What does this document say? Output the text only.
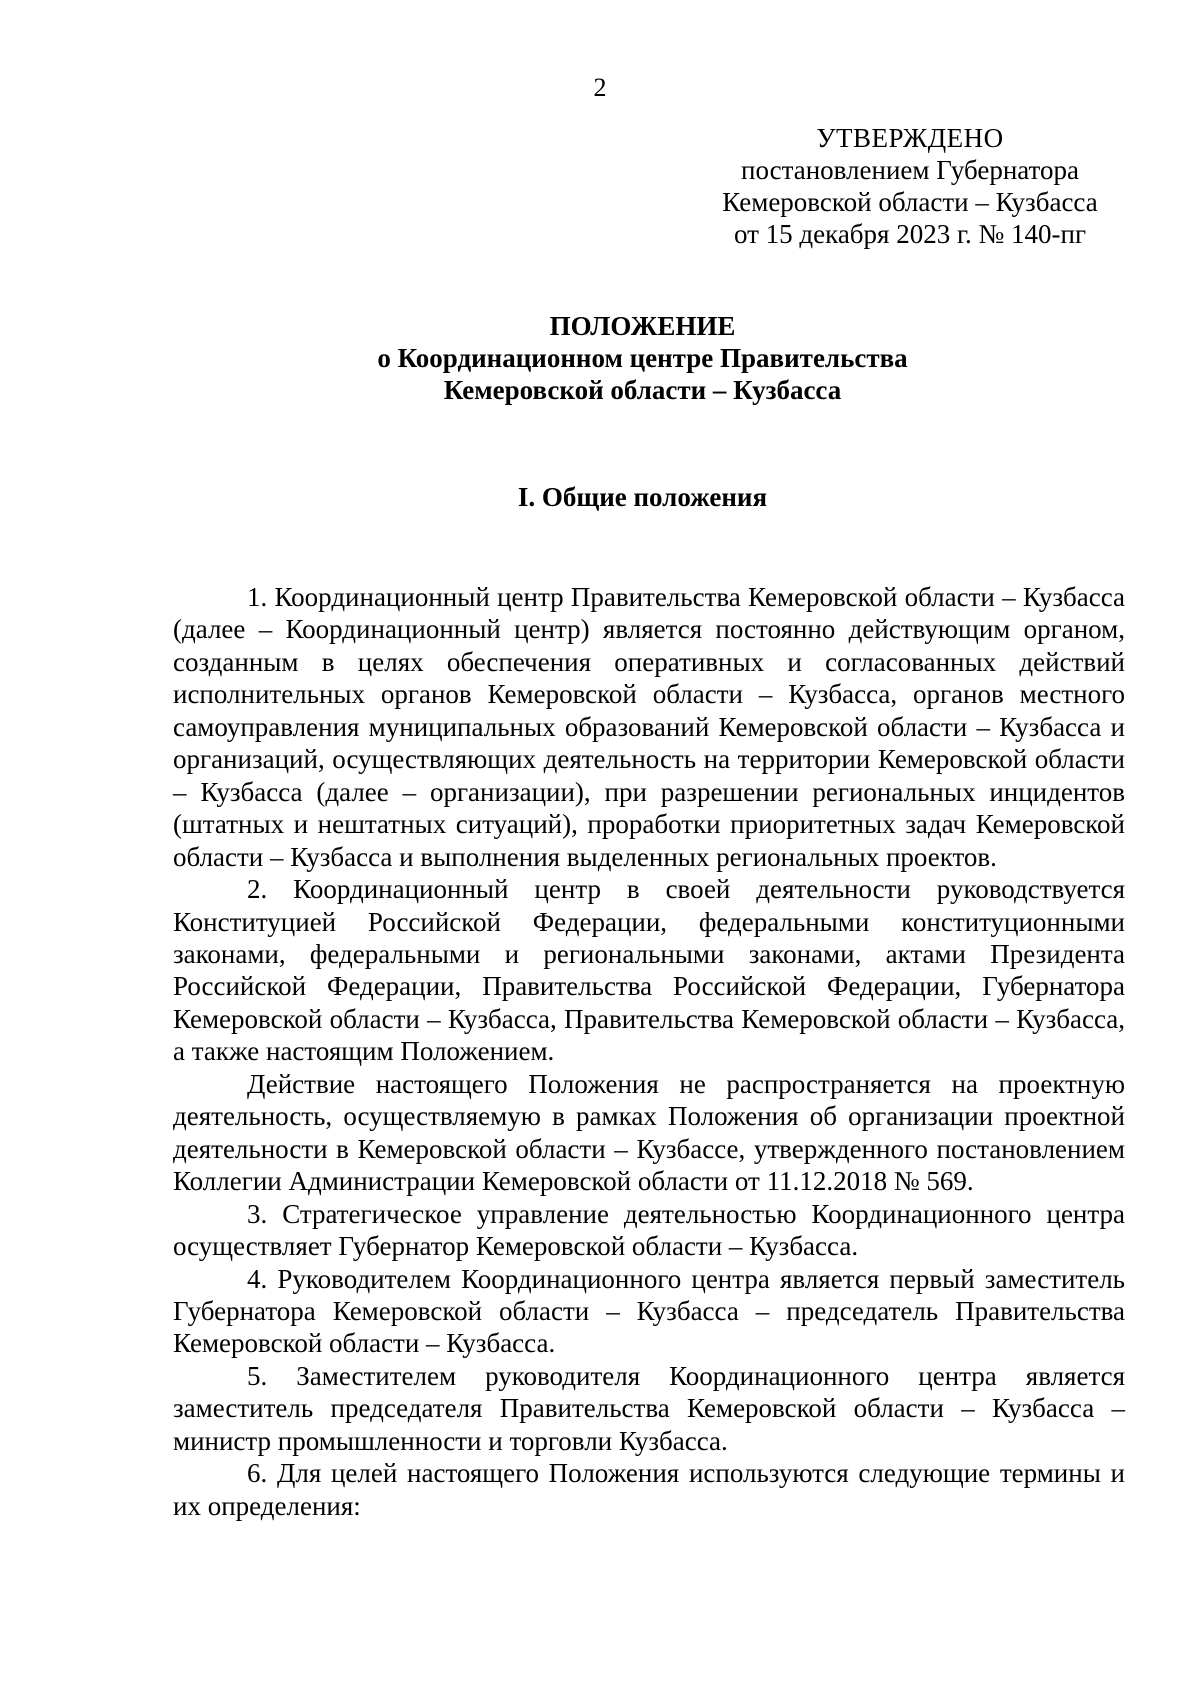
2
УТВЕРЖДЕНО
постановлением Губернатора
Кемеровской области – Кузбасса
от 15 декабря 2023 г. № 140-пг
ПОЛОЖЕНИЕ
о Координационном центре Правительства
Кемеровской области – Кузбасса
I. Общие положения

1. Координационный центр Правительства Кемеровской области – Кузбасса (далее – Координационный центр) является постоянно действующим органом, созданным в целях обеспечения оперативных и согласованных действий исполнительных органов Кемеровской области – Кузбасса, органов местного самоуправления муниципальных образований Кемеровской области – Кузбасса и организаций, осуществляющих деятельность на территории Кемеровской области – Кузбасса (далее – организации), при разрешении региональных инцидентов (штатных и нештатных ситуаций), проработки приоритетных задач Кемеровской области – Кузбасса и выполнения выделенных региональных проектов.

2. Координационный центр в своей деятельности руководствуется Конституцией Российской Федерации, федеральными конституционными законами, федеральными и региональными законами, актами Президента Российской Федерации, Правительства Российской Федерации, Губернатора Кемеровской области – Кузбасса, Правительства Кемеровской области – Кузбасса, а также настоящим Положением.

Действие настоящего Положения не распространяется на проектную деятельность, осуществляемую в рамках Положения об организации проектной деятельности в Кемеровской области – Кузбассе, утвержденного постановлением Коллегии Администрации Кемеровской области от 11.12.2018 № 569.

3. Стратегическое управление деятельностью Координационного центра осуществляет Губернатор Кемеровской области – Кузбасса.

4. Руководителем Координационного центра является первый заместитель Губернатора Кемеровской области – Кузбасса – председатель Правительства Кемеровской области – Кузбасса.

5. Заместителем руководителя Координационного центра является заместитель председателя Правительства Кемеровской области – Кузбасса – министр промышленности и торговли Кузбасса.

6. Для целей настоящего Положения используются следующие термины и их определения:
